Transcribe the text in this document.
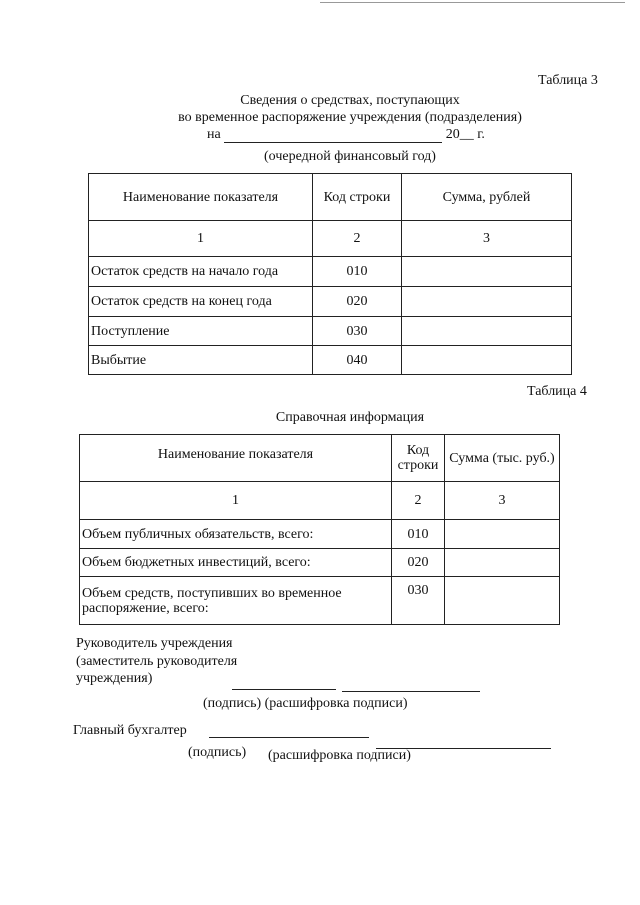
Таблица 3
Сведения о средствах, поступающих
во временное распоряжение учреждения (подразделения)
на	20__ г.
(очередной финансовый год)
Наименование показателя	Код строки	Сумма, рублей
1	2	3
Остаток средств на начало года	010	
Остаток средств на конец года	020	
Поступление	030	
Выбытие	040	
Таблица 4
Справочная информация
Наименование показателя	Код строки	Сумма (тыс. руб.)
1	2	3
Объем публичных обязательств, всего:	010	
Объем бюджетных инвестиций, всего:	020	
Объем средств, поступивших во временное распоряжение, всего:	030	
Руководитель учреждения
(заместитель руководителя
учреждения)
(подпись) (расшифровка подписи)
Главный бухгалтер
(подпись) (расшифровка подписи)
